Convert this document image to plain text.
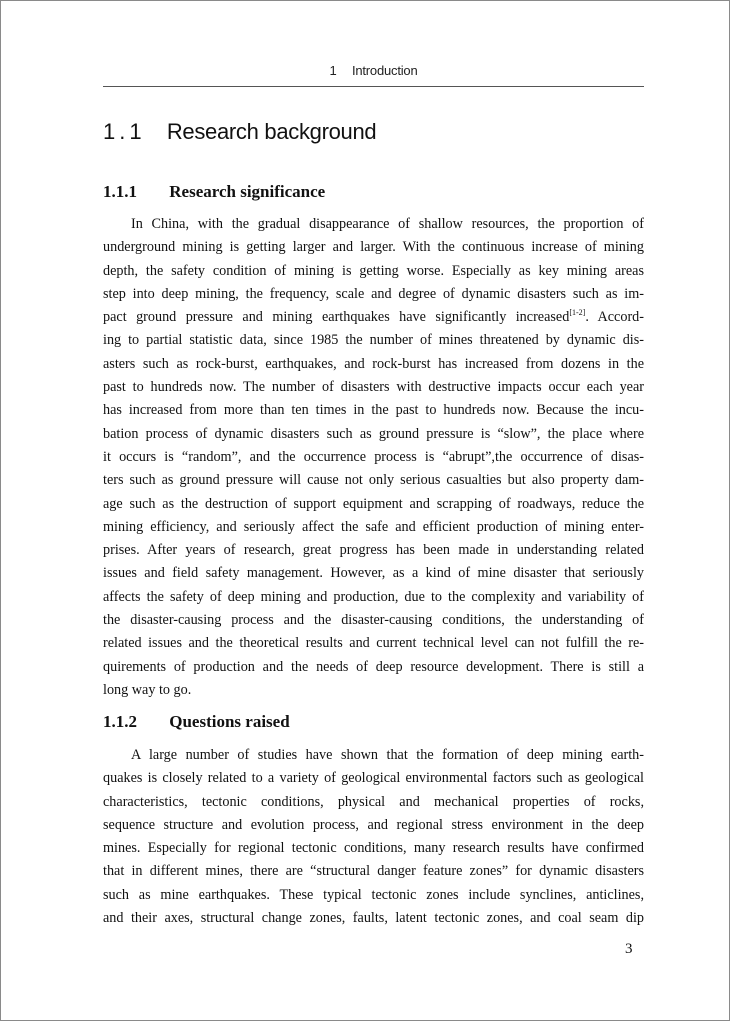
1 Introduction
1.1 Research background
1.1.1 Research significance
In China, with the gradual disappearance of shallow resources, the proportion of
underground mining is getting larger and larger. With the continuous increase of mining
depth, the safety condition of mining is getting worse. Especially as key mining areas
step into deep mining, the frequency, scale and degree of dynamic disasters such as im-
pact ground pressure and mining earthquakes have significantly increased[1-2]. Accord-
ing to partial statistic data, since 1985 the number of mines threatened by dynamic dis-
asters such as rock-burst, earthquakes, and rock-burst has increased from dozens in the
past to hundreds now. The number of disasters with destructive impacts occur each year
has increased from more than ten times in the past to hundreds now. Because the incu-
bation process of dynamic disasters such as ground pressure is “slow”, the place where
it occurs is “random”, and the occurrence process is “abrupt”,the occurrence of disas-
ters such as ground pressure will cause not only serious casualties but also property dam-
age such as the destruction of support equipment and scrapping of roadways, reduce the
mining efficiency, and seriously affect the safe and efficient production of mining enter-
prises. After years of research, great progress has been made in understanding related
issues and field safety management. However, as a kind of mine disaster that seriously
affects the safety of deep mining and production, due to the complexity and variability of
the disaster-causing process and the disaster-causing conditions, the understanding of
related issues and the theoretical results and current technical level can not fulfill the re-
quirements of production and the needs of deep resource development. There is still a
long way to go.
1.1.2 Questions raised
A large number of studies have shown that the formation of deep mining earth-
quakes is closely related to a variety of geological environmental factors such as geological
characteristics, tectonic conditions, physical and mechanical properties of rocks,
sequence structure and evolution process, and regional stress environment in the deep
mines. Especially for regional tectonic conditions, many research results have confirmed
that in different mines, there are “structural danger feature zones” for dynamic disasters
such as mine earthquakes. These typical tectonic zones include synclines, anticlines,
and their axes, structural change zones, faults, latent tectonic zones, and coal seam dip
3
